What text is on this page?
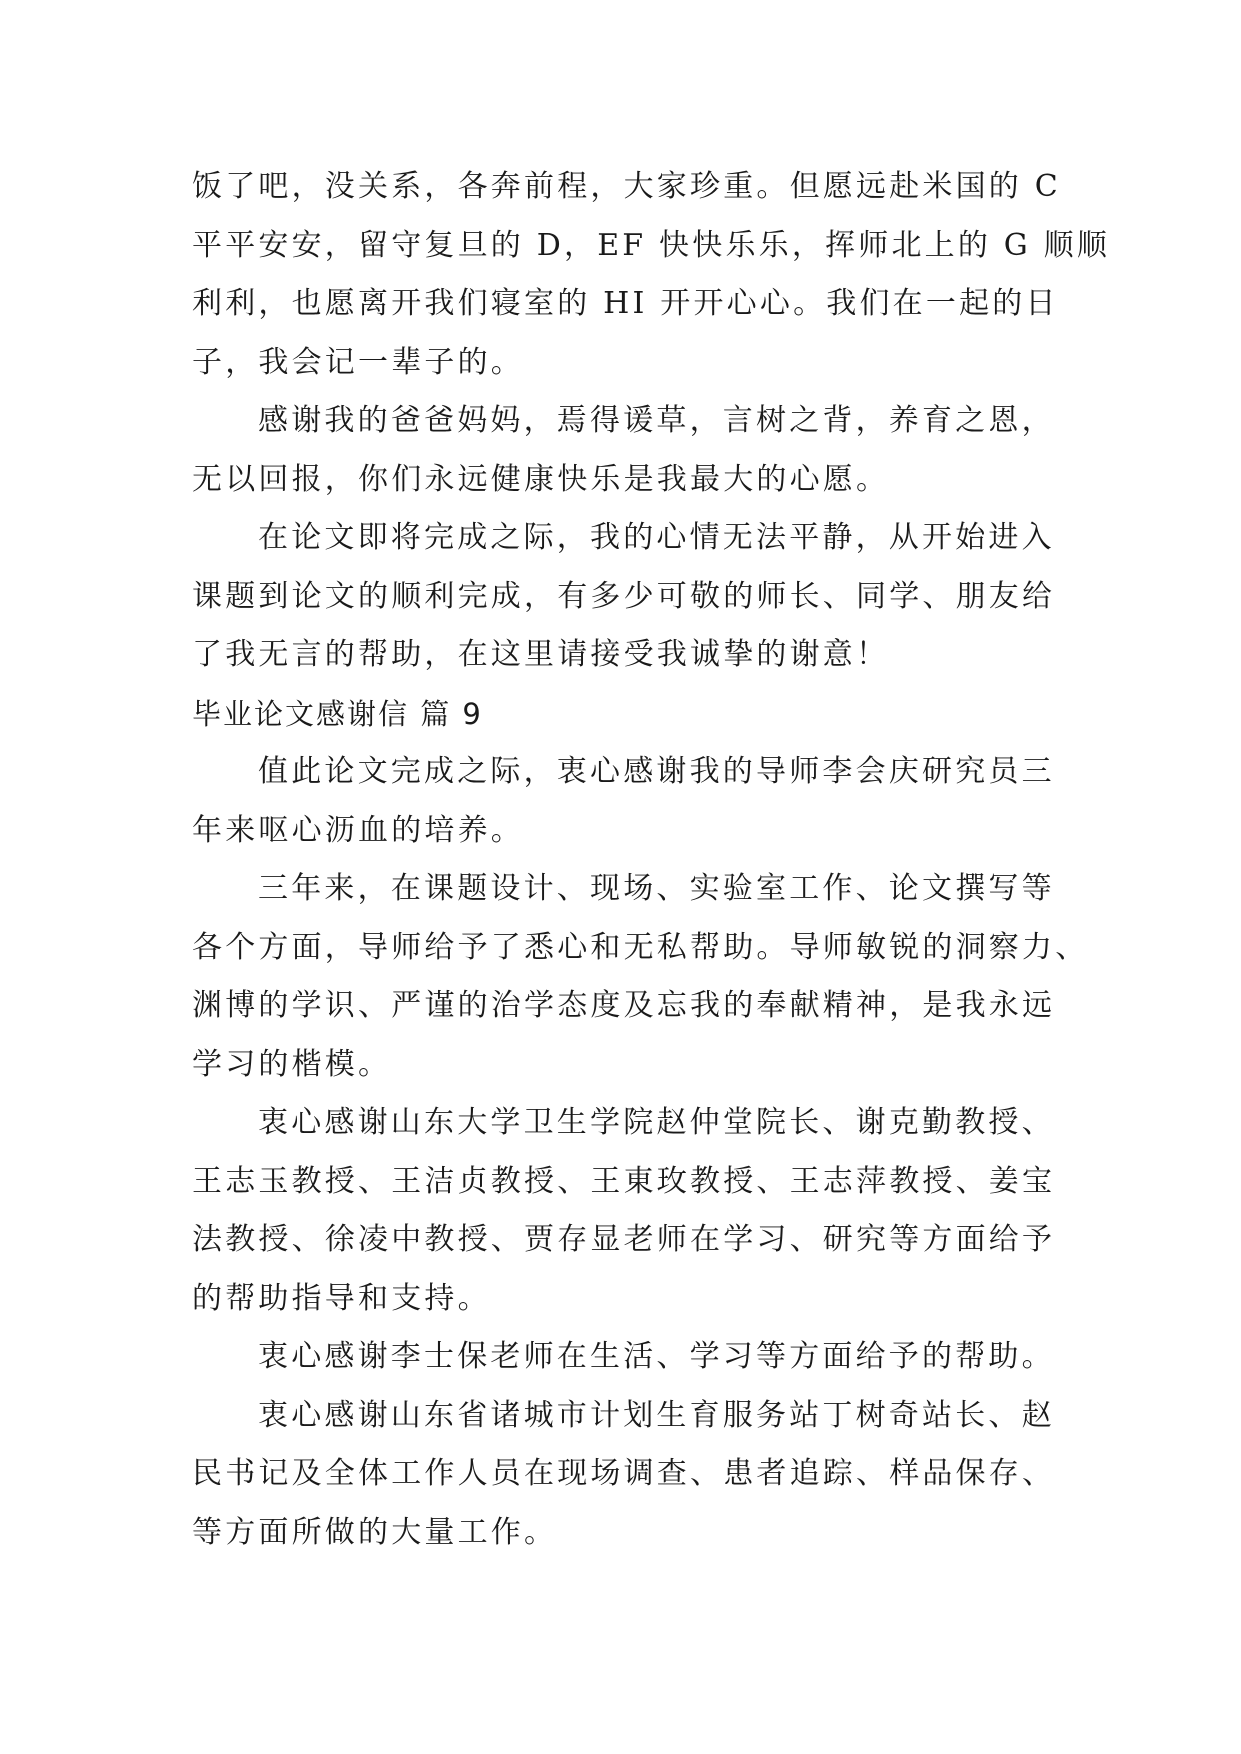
饭了吧，没关系，各奔前程，大家珍重。但愿远赴米国的 C
平平安安，留守复旦的 D，EF 快快乐乐，挥师北上的 G 顺顺
利利，也愿离开我们寝室的 HI 开开心心。我们在一起的日
子，我会记一辈子的。
感谢我的爸爸妈妈，焉得谖草，言树之背，养育之恩，
无以回报，你们永远健康快乐是我最大的心愿。
在论文即将完成之际，我的心情无法平静，从开始进入
课题到论文的顺利完成，有多少可敬的师长、同学、朋友给
了我无言的帮助，在这里请接受我诚挚的谢意！
毕业论文感谢信 篇 9
值此论文完成之际，衷心感谢我的导师李会庆研究员三
年来呕心沥血的培养。
三年来，在课题设计、现场、实验室工作、论文撰写等
各个方面，导师给予了悉心和无私帮助。导师敏锐的洞察力、
渊博的学识、严谨的治学态度及忘我的奉献精神，是我永远
学习的楷模。
衷心感谢山东大学卫生学院赵仲堂院长、谢克勤教授、
王志玉教授、王洁贞教授、王東玫教授、王志萍教授、姜宝
法教授、徐凌中教授、贾存显老师在学习、研究等方面给予
的帮助指导和支持。
衷心感谢李士保老师在生活、学习等方面给予的帮助。
衷心感谢山东省诸城市计划生育服务站丁树奇站长、赵
民书记及全体工作人员在现场调查、患者追踪、样品保存、
等方面所做的大量工作。
